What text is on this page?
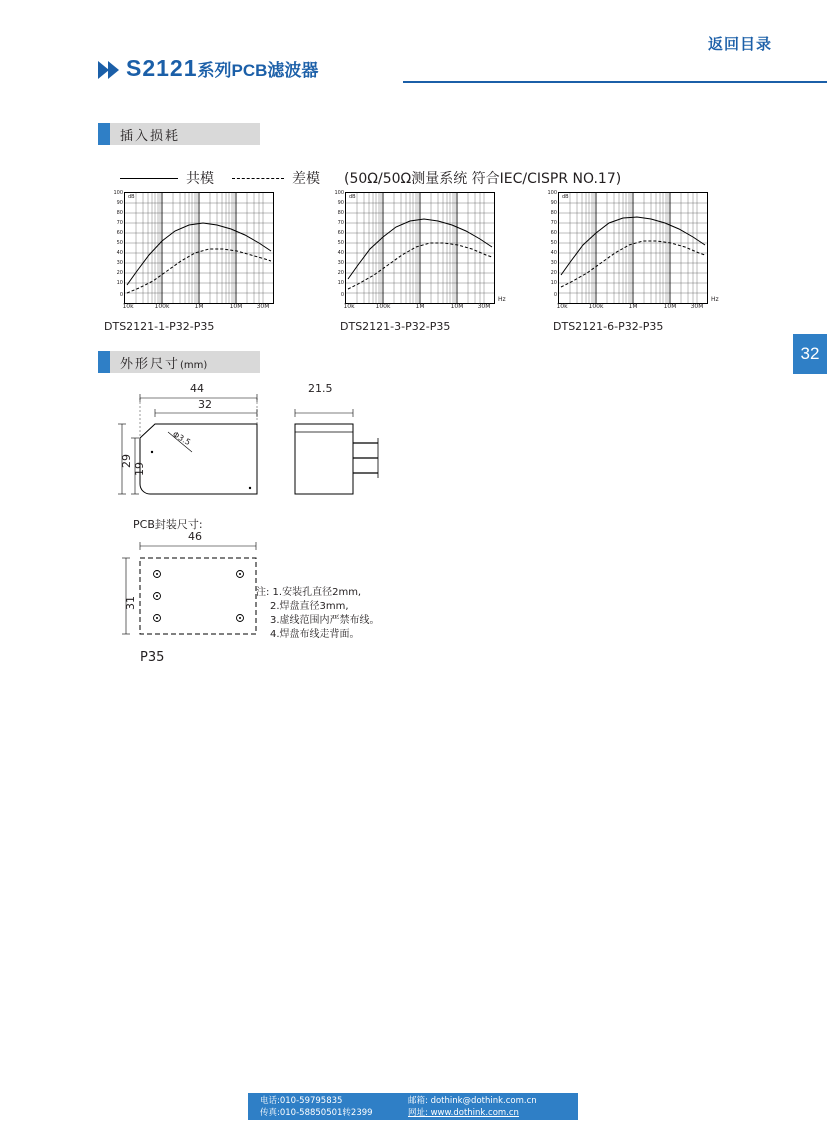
返回目录
S2121系列PCB滤波器
32
插入损耗
共模	差模 (50Ω/50Ω测量系统 符合IEC/CISPR NO.17)
dB
100
90
80
70
60
50
40
30
20
10
0
10k	100k	1M	10M 30M
DTS2121-1-P32-P35
dB
100
90
80
70
60
50
40
30
20
10
0
10k	100k	1M	10M 30M
Hz
DTS2121-3-P32-P35
dB
100
90
80
70
60
50
40
30
20
10
0
10k	100k	1M	10M 30M
Hz
DTS2121-6-P32-P35
外形尺寸(mm)
44
32
29
19
Φ3.5
21.5
PCB封装尺寸:
46
31
注: 1.安装孔直径2mm,
2.焊盘直径3mm,
3.虚线范围内严禁布线。
4.焊盘布线走背面。
P35
电话:010-59795835
传真:010-58850501转2399
邮箱: dothink@dothink.com.cn
网址: www.dothink.com.cn
